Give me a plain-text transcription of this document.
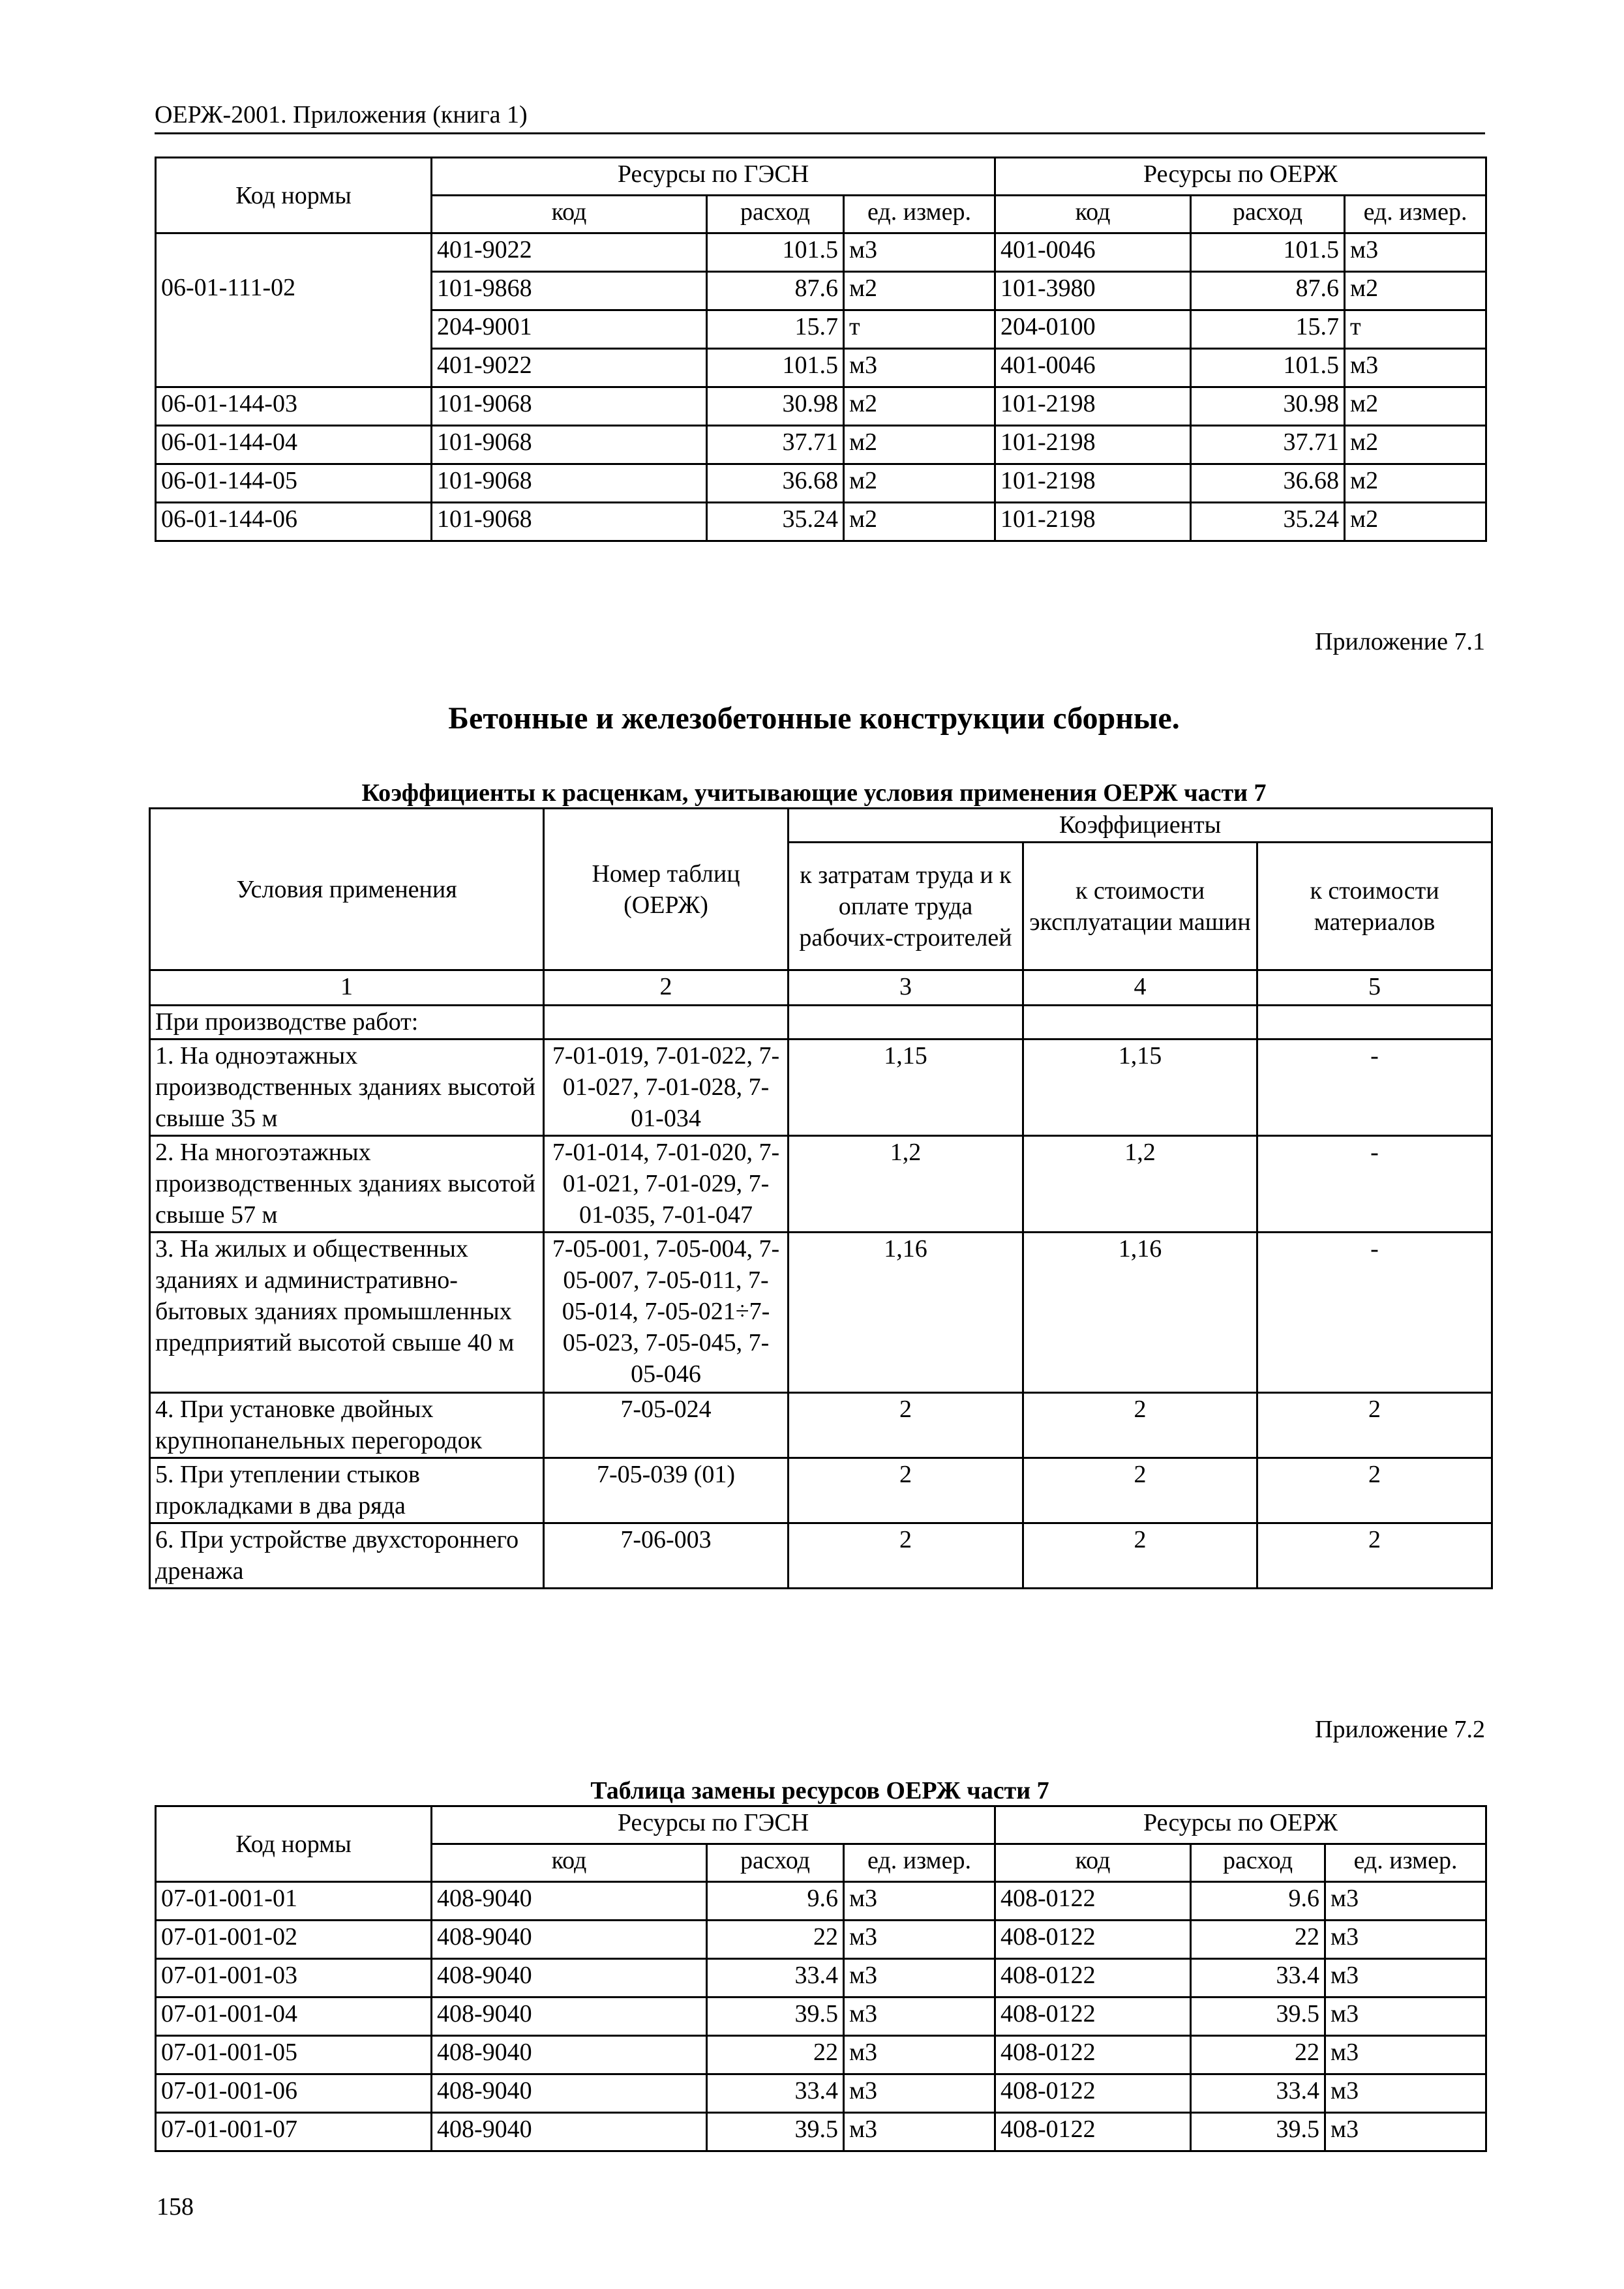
ОЕРЖ-2001. Приложения (книга 1)
Код нормы	Ресурсы по ГЭСН			Ресурсы по ОЕРЖ		
	код	расход	ед. измер.	код	расход	ед. измер.
	401-9022	101.5	м3	401-0046	101.5	м3
06-01-111-02	101-9868	87.6	м2	101-3980	87.6	м2
	204-9001	15.7	т	204-0100	15.7	т
	401-9022	101.5	м3	401-0046	101.5	м3
06-01-144-03	101-9068	30.98	м2	101-2198	30.98	м2
06-01-144-04	101-9068	37.71	м2	101-2198	37.71	м2
06-01-144-05	101-9068	36.68	м2	101-2198	36.68	м2
06-01-144-06	101-9068	35.24	м2	101-2198	35.24	м2
Приложение 7.1
Бетонные и железобетонные конструкции сборные.
Коэффициенты к расценкам, учитывающие условия применения ОЕРЖ части 7
Условия применения	Номер таблиц (ОЕРЖ)	Коэффициенты		
		к затратам труда и к оплате труда рабочих-строителей	к стоимости эксплуатации машин	к стоимости материалов
1	2	3	4	5
При производстве работ:				
1. На одноэтажных производственных зданиях высотой свыше 35 м	7-01-019, 7-01-022, 7-01-027, 7-01-028, 7-01-034	1,15	1,15	-
2. На многоэтажных производственных зданиях высотой свыше 57 м	7-01-014, 7-01-020, 7-01-021, 7-01-029, 7-01-035, 7-01-047	1,2	1,2	-
3. На жилых и общественных зданиях и административно-бытовых зданиях промышленных предприятий высотой свыше 40 м	7-05-001, 7-05-004, 7-05-007, 7-05-011, 7-05-014, 7-05-021÷7-05-023, 7-05-045, 7-05-046	1,16	1,16	-
4. При установке двойных крупнопанельных перегородок	7-05-024	2	2	2
5. При утеплении стыков прокладками в два ряда	7-05-039 (01)	2	2	2
6. При устройстве двухстороннего дренажа	7-06-003	2	2	2
Приложение 7.2
Таблица замены ресурсов ОЕРЖ части 7
Код нормы	Ресурсы по ГЭСН			Ресурсы по ОЕРЖ		
	код	расход	ед. измер.	код	расход	ед. измер.
07-01-001-01	408-9040	9.6	м3	408-0122	9.6	м3
07-01-001-02	408-9040	22	м3	408-0122	22	м3
07-01-001-03	408-9040	33.4	м3	408-0122	33.4	м3
07-01-001-04	408-9040	39.5	м3	408-0122	39.5	м3
07-01-001-05	408-9040	22	м3	408-0122	22	м3
07-01-001-06	408-9040	33.4	м3	408-0122	33.4	м3
07-01-001-07	408-9040	39.5	м3	408-0122	39.5	м3
158
